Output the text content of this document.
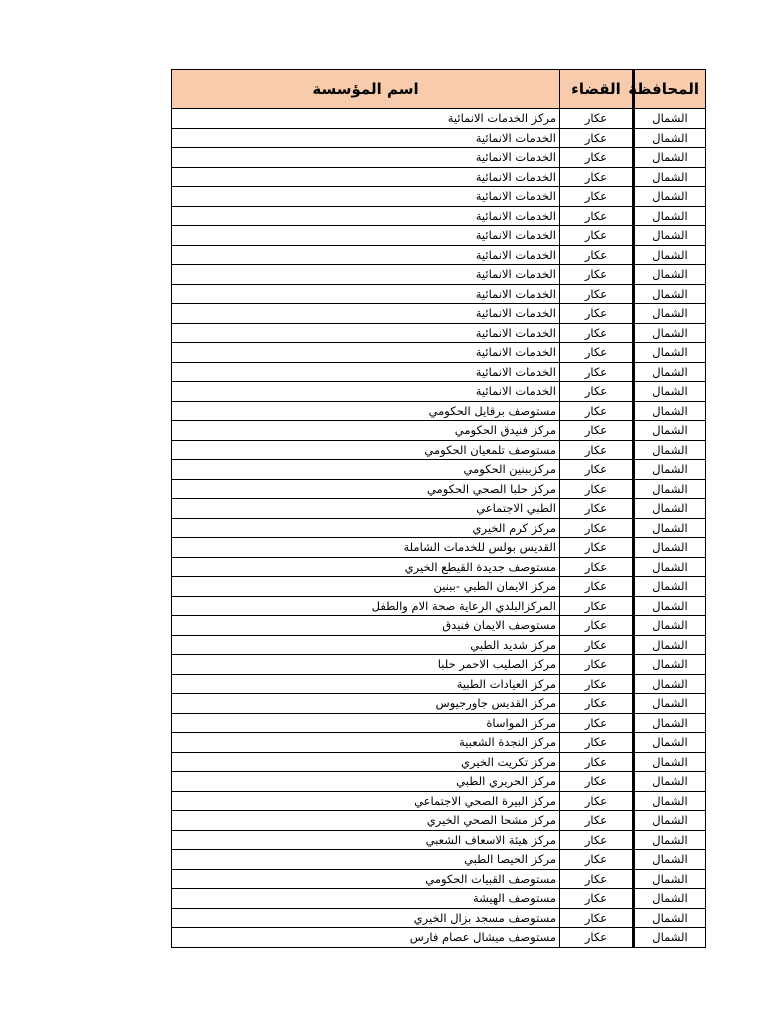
المحافظة	القضاء	اسم المؤسسة
الشمال	عكار	مركز الخدمات الانمائية
الشمال	عكار	الخدمات الانمائية
الشمال	عكار	الخدمات الانمائية
الشمال	عكار	الخدمات الانمائية
الشمال	عكار	الخدمات الانمائية
الشمال	عكار	الخدمات الانمائية
الشمال	عكار	الخدمات الانمائية
الشمال	عكار	الخدمات الانمائية
الشمال	عكار	الخدمات الانمائية
الشمال	عكار	الخدمات الانمائية
الشمال	عكار	الخدمات الانمائية
الشمال	عكار	الخدمات الانمائية
الشمال	عكار	الخدمات الانمائية
الشمال	عكار	الخدمات الانمائية
الشمال	عكار	الخدمات الانمائية
الشمال	عكار	مستوصف برقايل الحكومي
الشمال	عكار	مركز فنيدق الحكومي
الشمال	عكار	مستوصف تلمعيان الحكومي
الشمال	عكار	مركزببنين الحكومي
الشمال	عكار	مركز حلبا الصحي الحكومي
الشمال	عكار	الطبي الاجتماعي
الشمال	عكار	مركز كرم الخيري
الشمال	عكار	القديس بولس للخدمات الشاملة
الشمال	عكار	مستوصف جديدة القيطع الخيري
الشمال	عكار	مركز الايمان الطبي -ببنين
الشمال	عكار	المركزالبلدي الرعاية صحة الام والطفل
الشمال	عكار	مستوصف الايمان فنيدق
الشمال	عكار	مركز شديد الطبي
الشمال	عكار	مركز الصليب الاحمر حلبا
الشمال	عكار	مركز العيادات الطبية
الشمال	عكار	مركز القديس جاورجيوس
الشمال	عكار	مركز المواساة
الشمال	عكار	مركز النجدة الشعبية
الشمال	عكار	مركز تكريت الخيري
الشمال	عكار	مركز الحريري الطبي
الشمال	عكار	مركز البيرة الصحي الاجتماعي
الشمال	عكار	مركز مشحا الصحي الخيري
الشمال	عكار	مركز هيئة الاسعاف الشعبي
الشمال	عكار	مركز الحيصا الطبي
الشمال	عكار	مستوصف القبيات الحكومي
الشمال	عكار	مستوصف الهيشة
الشمال	عكار	مستوصف مسجد بزال الخيري
الشمال	عكار	مستوصف ميشال عصام فارس
